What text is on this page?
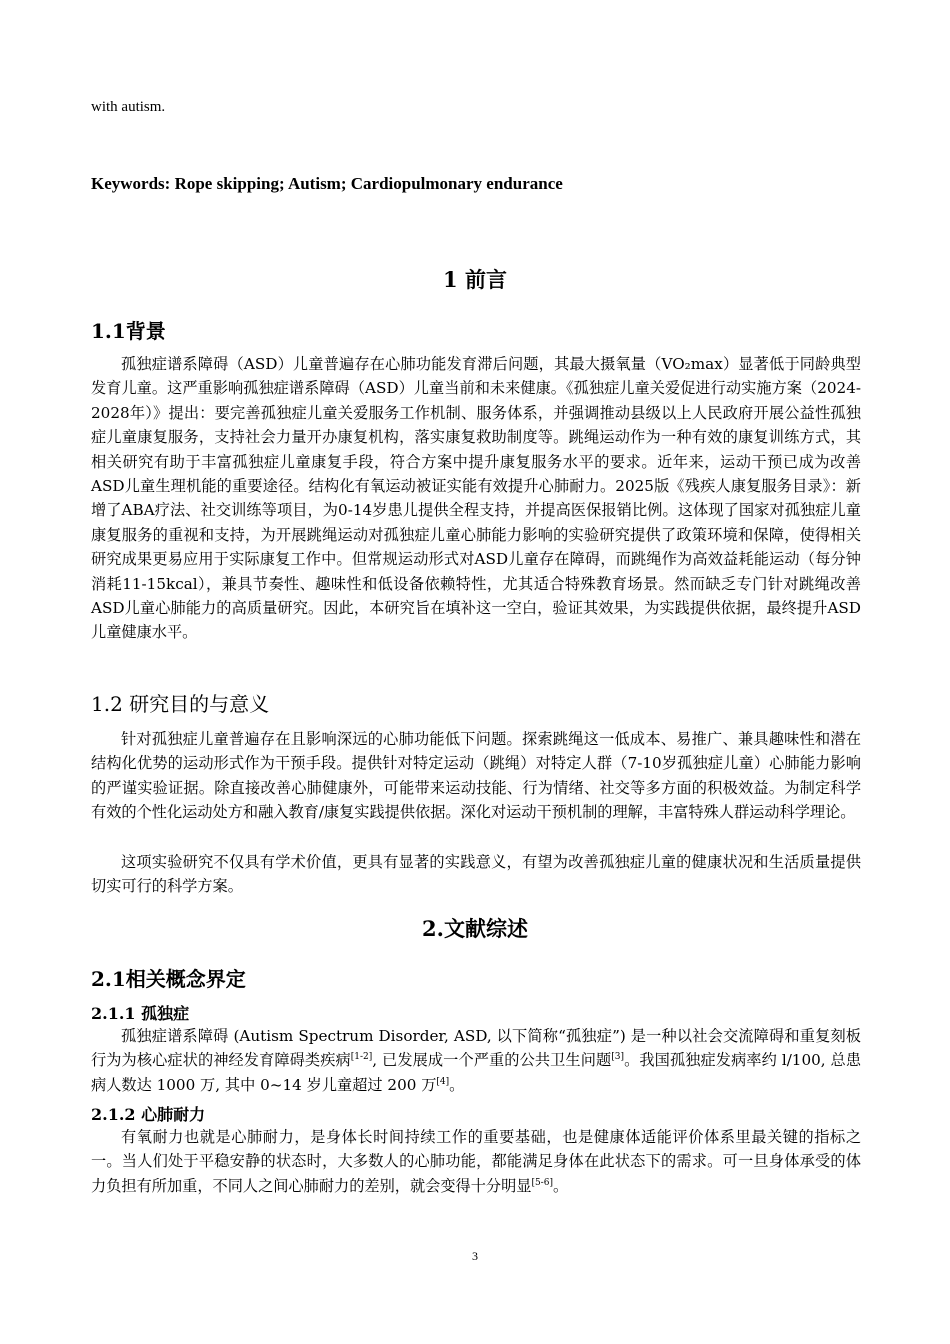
with autism.
Keywords: Rope skipping; Autism; Cardiopulmonary endurance
1 前言
1.1背景
孤独症谱系障碍（ASD）儿童普遍存在心肺功能发育滞后问题，其最大摄氧量（VO₂max）显著低于同龄典型发育儿童。这严重影响孤独症谱系障碍（ASD）儿童当前和未来健康。《孤独症儿童关爱促进行动实施方案（2024-2028年）》提出：要完善孤独症儿童关爱服务工作机制、服务体系，并强调推动县级以上人民政府开展公益性孤独症儿童康复服务，支持社会力量开办康复机构，落实康复救助制度等。跳绳运动作为一种有效的康复训练方式，其相关研究有助于丰富孤独症儿童康复手段，符合方案中提升康复服务水平的要求。近年来，运动干预已成为改善ASD儿童生理机能的重要途径。结构化有氧运动被证实能有效提升心肺耐力。2025版《残疾人康复服务目录》：新增了ABA疗法、社交训练等项目，为0-14岁患儿提供全程支持，并提高医保报销比例。这体现了国家对孤独症儿童康复服务的重视和支持，为开展跳绳运动对孤独症儿童心肺能力影响的实验研究提供了政策环境和保障，使得相关研究成果更易应用于实际康复工作中。但常规运动形式对ASD儿童存在障碍，而跳绳作为高效益耗能运动（每分钟消耗11-15kcal），兼具节奏性、趣味性和低设备依赖特性，尤其适合特殊教育场景。然而缺乏专门针对跳绳改善ASD儿童心肺能力的高质量研究。因此，本研究旨在填补这一空白，验证其效果，为实践提供依据，最终提升ASD儿童健康水平。
1.2 研究目的与意义
针对孤独症儿童普遍存在且影响深远的心肺功能低下问题。探索跳绳这一低成本、易推广、兼具趣味性和潜在结构化优势的运动形式作为干预手段。提供针对特定运动（跳绳）对特定人群（7-10岁孤独症儿童）心肺能力影响的严谨实验证据。除直接改善心肺健康外，可能带来运动技能、行为情绪、社交等多方面的积极效益。为制定科学有效的个性化运动处方和融入教育/康复实践提供依据。深化对运动干预机制的理解，丰富特殊人群运动科学理论。
这项实验研究不仅具有学术价值，更具有显著的实践意义，有望为改善孤独症儿童的健康状况和生活质量提供切实可行的科学方案。
2.文献综述
2.1相关概念界定
2.1.1 孤独症
孤独症谱系障碍 (Autism Spectrum Disorder, ASD, 以下简称“孤独症”) 是一种以社会交流障碍和重复刻板行为为核心症状的神经发育障碍类疾病[1-2], 已发展成一个严重的公共卫生问题[3]。我国孤独症发病率约 l/100, 总患病人数达 1000 万, 其中 0~14 岁儿童超过 200 万[4]。
2.1.2 心肺耐力
有氧耐力也就是心肺耐力，是身体长时间持续工作的重要基础，也是健康体适能评价体系里最关键的指标之一。当人们处于平稳安静的状态时，大多数人的心肺功能，都能满足身体在此状态下的需求。可一旦身体承受的体力负担有所加重，不同人之间心肺耐力的差别，就会变得十分明显[5-6]。
3
